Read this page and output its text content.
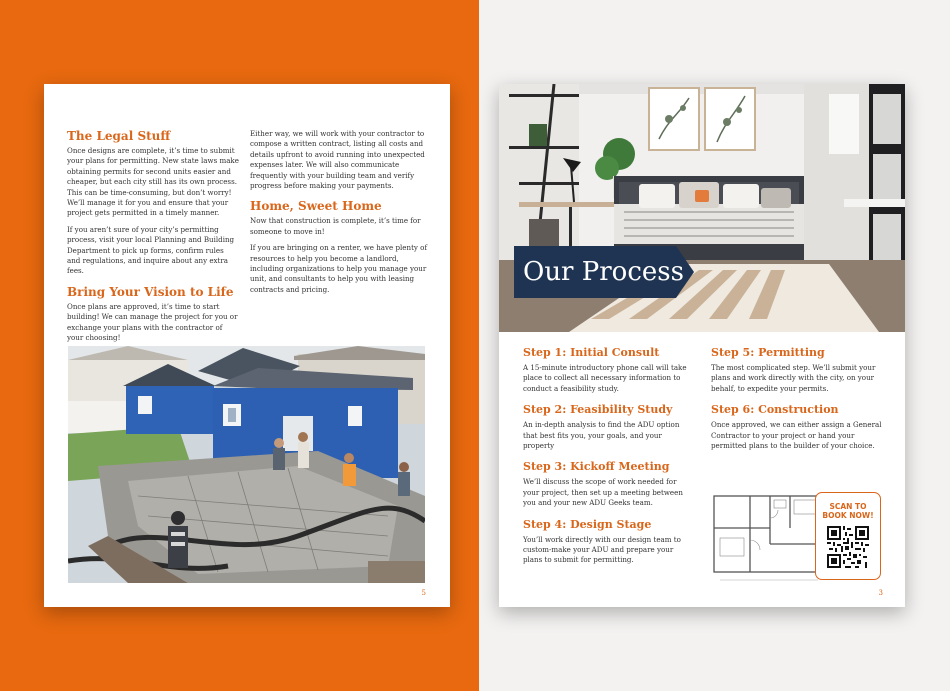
The Legal Stuff

Once designs are complete, it’s time to submit your plans for permitting. New state laws make obtaining permits for second units easier and cheaper, but each city still has its own process. This can be time-consuming, but don’t worry! We’ll manage it for you and ensure that your project gets permitted in a timely manner.

If you aren’t sure of your city’s permitting process, visit your local Planning and Building Department to pick up forms, confirm rules and regulations, and inquire about any extra fees.

Bring Your Vision to Life

Once plans are approved, it’s time to start building! We can manage the project for you or exchange your plans with the contractor of your choosing!

Either way, we will work with your contractor to compose a written contract, listing all costs and details upfront to avoid running into unexpected expenses later. We will also communicate frequently with your building team and verify progress before making your payments.

Home, Sweet Home

Now that construction is complete, it’s time for someone to move in!

If you are bringing on a renter, we have plenty of resources to help you become a landlord, including organizations to help you manage your unit, and consultants to help you with leasing contracts and pricing.

5
Our Process
Step 1: Initial Consult

A 15-minute introductory phone call will take place to collect all necessary information to conduct a feasibility study.

Step 2: Feasibility Study

An in-depth analysis to find the ADU option that best fits you, your goals, and your property

Step 3: Kickoff Meeting

We’ll discuss the scope of work needed for your project, then set up a meeting between you and your new ADU Geeks team.

Step 4: Design Stage

You’ll work directly with our design team to custom-make your ADU and prepare your plans to submit for permitting.

Step 5: Permitting

The most complicated step. We’ll submit your plans and work directly with the city, on your behalf, to expedite your permits.

Step 6: Construction

Once approved, we can either assign a General Contractor to your project or hand your permitted plans to the builder of your choice.

SCAN TO

BOOK NOW!

3
